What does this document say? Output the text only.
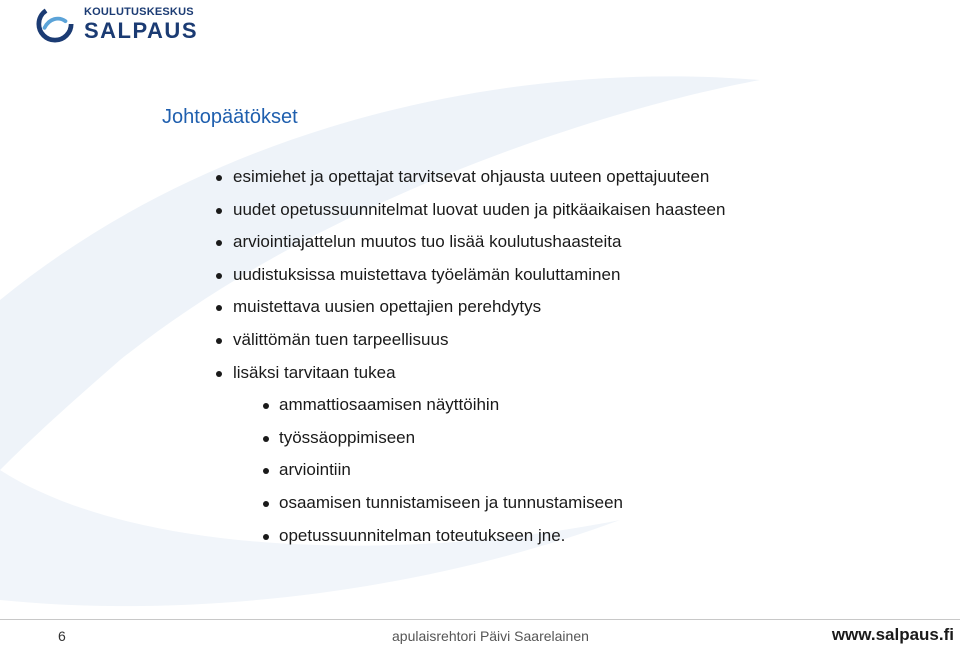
KOULUTUSKESKUS
SALPAUS
Johtopäätökset
esimiehet ja opettajat tarvitsevat ohjausta uuteen opettajuuteen
uudet opetussuunnitelmat luovat uuden ja pitkäaikaisen haasteen
arviointiajattelun muutos tuo lisää koulutushaasteita
uudistuksissa muistettava työelämän kouluttaminen
muistettava uusien opettajien perehdytys
välittömän tuen tarpeellisuus
lisäksi tarvitaan tukea
ammattiosaamisen näyttöihin
työssäoppimiseen
arviointiin
osaamisen tunnistamiseen ja tunnustamiseen
opetussuunnitelman toteutukseen jne.
6	apulaisrehtori Päivi Saarelainen	www.salpaus.fi
